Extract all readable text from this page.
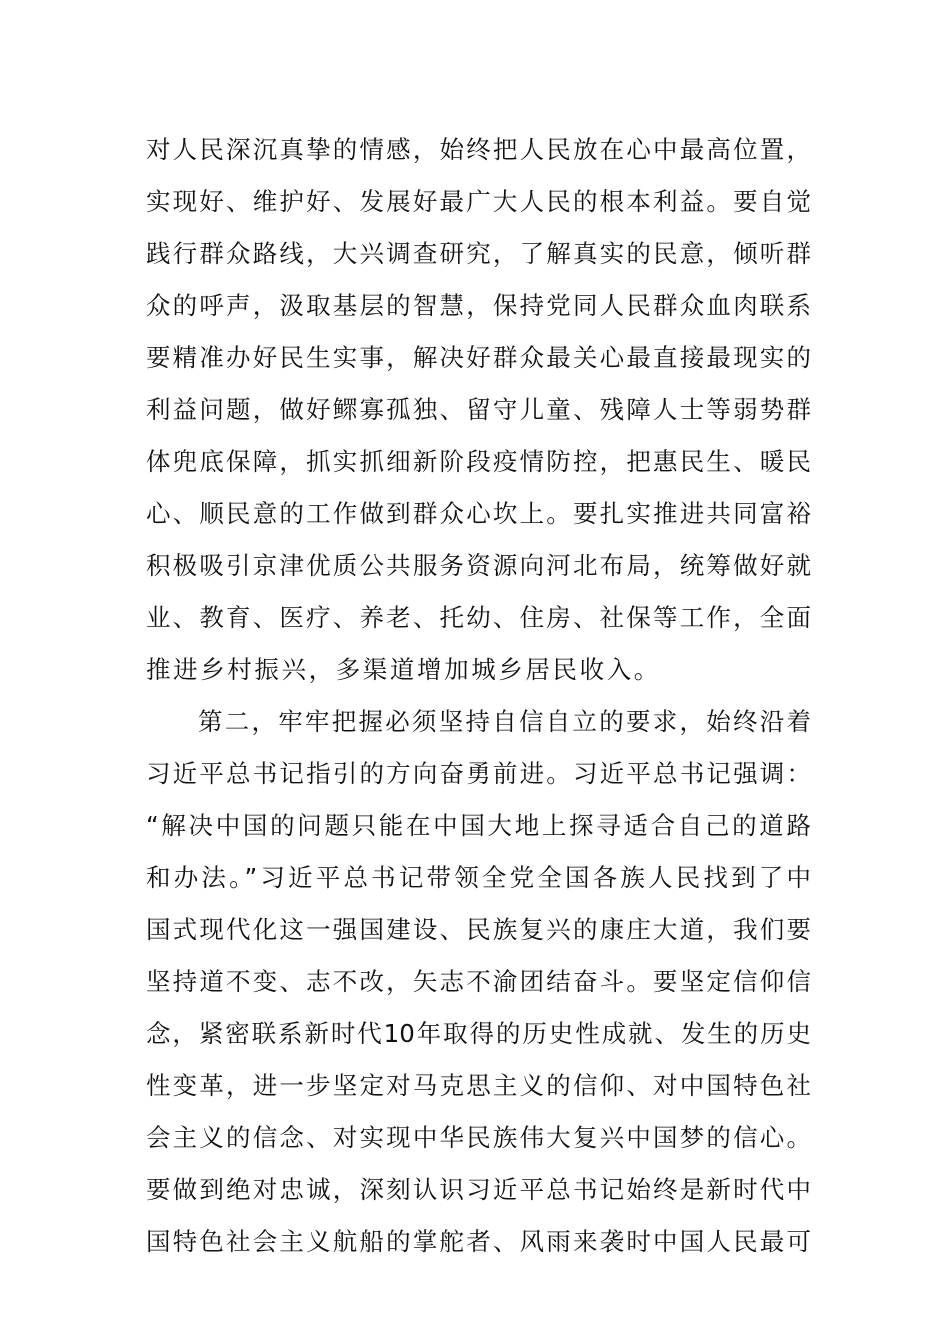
对人民深沉真挚的情感，始终把人民放在心中最高位置，
实现好、维护好、发展好最广大人民的根本利益。要自觉
践行群众路线，大兴调查研究，了解真实的民意，倾听群
众的呼声，汲取基层的智慧，保持党同人民群众血肉联系
要精准办好民生实事，解决好群众最关心最直接最现实的
利益问题，做好鳏寡孤独、留守儿童、残障人士等弱势群
体兜底保障，抓实抓细新阶段疫情防控，把惠民生、暖民
心、顺民意的工作做到群众心坎上。要扎实推进共同富裕
积极吸引京津优质公共服务资源向河北布局，统筹做好就
业、教育、医疗、养老、托幼、住房、社保等工作，全面
推进乡村振兴，多渠道增加城乡居民收入。
第二，牢牢把握必须坚持自信自立的要求，始终沿着
习近平总书记指引的方向奋勇前进。习近平总书记强调：
“解决中国的问题只能在中国大地上探寻适合自己的道路
和办法。”习近平总书记带领全党全国各族人民找到了中
国式现代化这一强国建设、民族复兴的康庄大道，我们要
坚持道不变、志不改，矢志不渝团结奋斗。要坚定信仰信
念，紧密联系新时代10年取得的历史性成就、发生的历史
性变革，进一步坚定对马克思主义的信仰、对中国特色社
会主义的信念、对实现中华民族伟大复兴中国梦的信心。
要做到绝对忠诚，深刻认识习近平总书记始终是新时代中
国特色社会主义航船的掌舵者、风雨来袭时中国人民最可
